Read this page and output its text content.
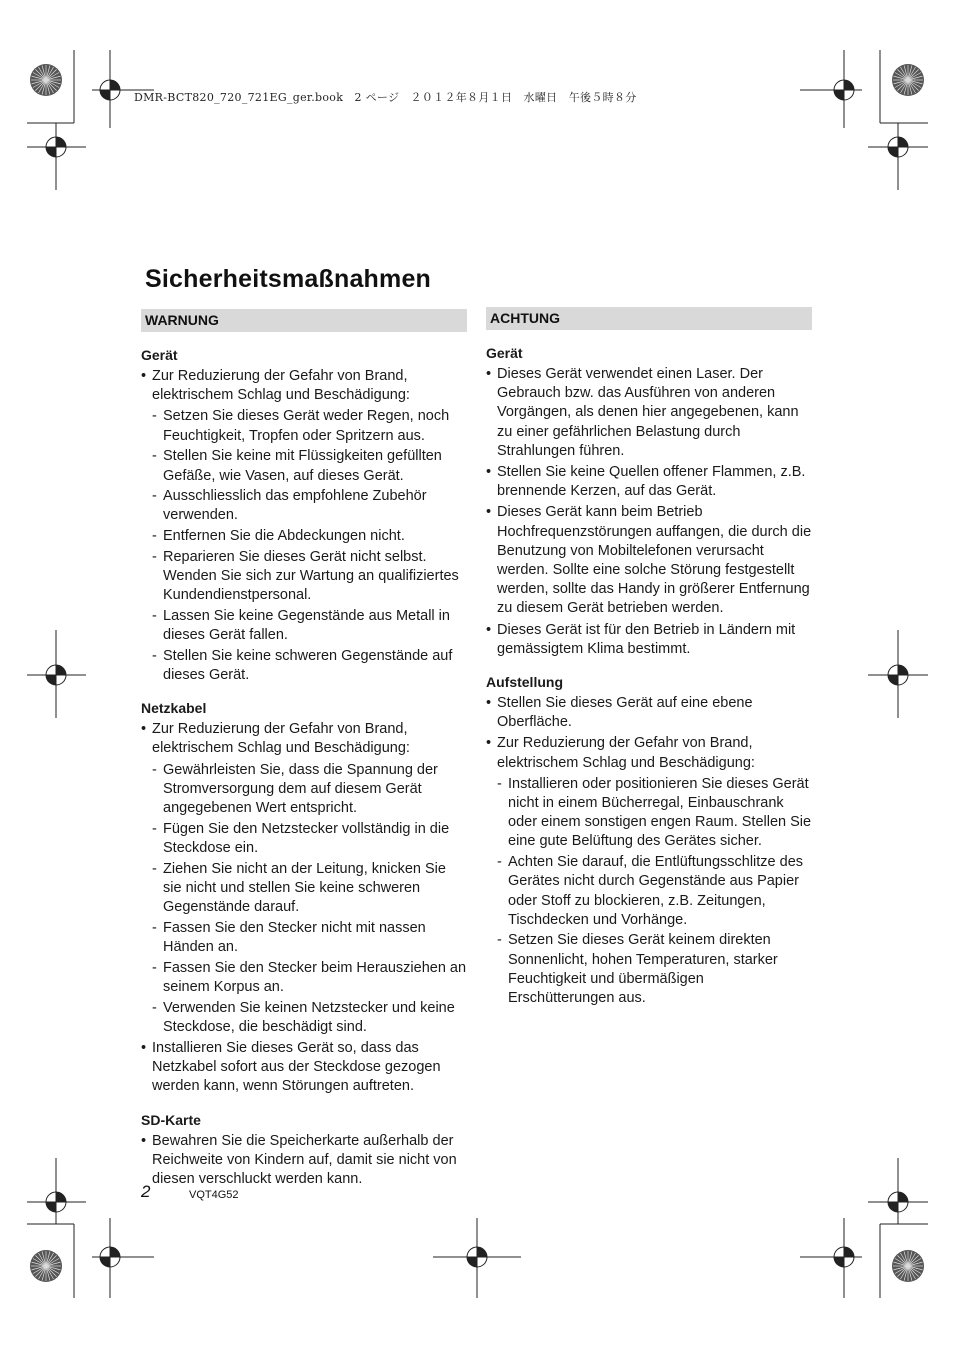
DMR-BCT820_720_721EG_ger.book　2 ページ　２０１２年８月１日　水曜日　午後５時８分
Sicherheitsmaßnahmen
WARNUNG
Gerät
• Zur Reduzierung der Gefahr von Brand, elektrischem Schlag und Beschädigung:
- Setzen Sie dieses Gerät weder Regen, noch Feuchtigkeit, Tropfen oder Spritzern aus.
- Stellen Sie keine mit Flüssigkeiten gefüllten Gefäße, wie Vasen, auf dieses Gerät.
- Ausschliesslich das empfohlene Zubehör verwenden.
- Entfernen Sie die Abdeckungen nicht.
- Reparieren Sie dieses Gerät nicht selbst. Wenden Sie sich zur Wartung an qualifiziertes Kundendienstpersonal.
- Lassen Sie keine Gegenstände aus Metall in dieses Gerät fallen.
- Stellen Sie keine schweren Gegenstände auf dieses Gerät.
Netzkabel
• Zur Reduzierung der Gefahr von Brand, elektrischem Schlag und Beschädigung:
- Gewährleisten Sie, dass die Spannung der Stromversorgung dem auf diesem Gerät angegebenen Wert entspricht.
- Fügen Sie den Netzstecker vollständig in die Steckdose ein.
- Ziehen Sie nicht an der Leitung, knicken Sie sie nicht und stellen Sie keine schweren Gegenstände darauf.
- Fassen Sie den Stecker nicht mit nassen Händen an.
- Fassen Sie den Stecker beim Herausziehen an seinem Korpus an.
- Verwenden Sie keinen Netzstecker und keine Steckdose, die beschädigt sind.
• Installieren Sie dieses Gerät so, dass das Netzkabel sofort aus der Steckdose gezogen werden kann, wenn Störungen auftreten.
SD-Karte
• Bewahren Sie die Speicherkarte außerhalb der Reichweite von Kindern auf, damit sie nicht von diesen verschluckt werden kann.
ACHTUNG
Gerät
• Dieses Gerät verwendet einen Laser. Der Gebrauch bzw. das Ausführen von anderen Vorgängen, als denen hier angegebenen, kann zu einer gefährlichen Belastung durch Strahlungen führen.
• Stellen Sie keine Quellen offener Flammen, z.B. brennende Kerzen, auf das Gerät.
• Dieses Gerät kann beim Betrieb Hochfrequenzstörungen auffangen, die durch die Benutzung von Mobiltelefonen verursacht werden. Sollte eine solche Störung festgestellt werden, sollte das Handy in größerer Entfernung zu diesem Gerät betrieben werden.
• Dieses Gerät ist für den Betrieb in Ländern mit gemässigtem Klima bestimmt.
Aufstellung
• Stellen Sie dieses Gerät auf eine ebene Oberfläche.
• Zur Reduzierung der Gefahr von Brand, elektrischem Schlag und Beschädigung:
- Installieren oder positionieren Sie dieses Gerät nicht in einem Bücherregal, Einbauschrank oder einem sonstigen engen Raum. Stellen Sie eine gute Belüftung des Gerätes sicher.
- Achten Sie darauf, die Entlüftungsschlitze des Gerätes nicht durch Gegenstände aus Papier oder Stoff zu blockieren, z.B. Zeitungen, Tischdecken und Vorhänge.
- Setzen Sie dieses Gerät keinem direkten Sonnenlicht, hohen Temperaturen, starker Feuchtigkeit und übermäßigen Erschütterungen aus.
2	VQT4G52
